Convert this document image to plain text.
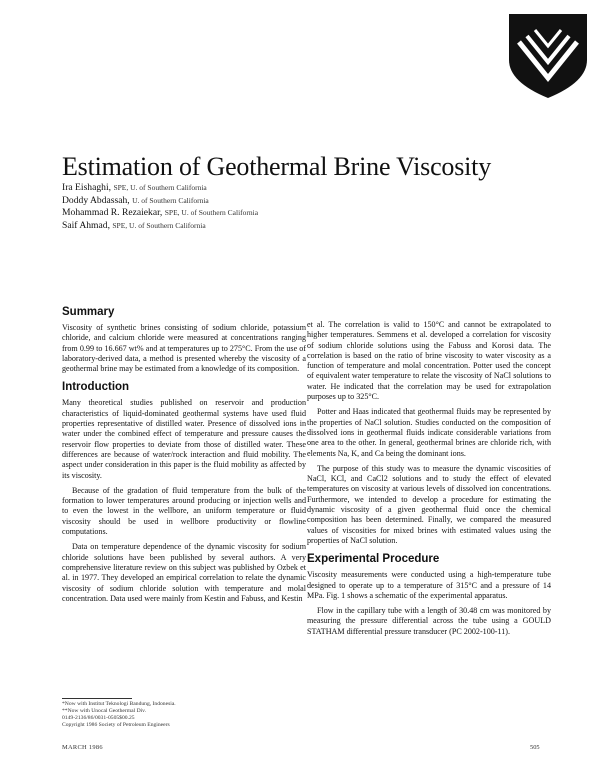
Estimation of Geothermal Brine Viscosity
Ira Eishaghi, SPE, U. of Southern California
Doddy Abdassah, U. of Southern California
Mohammad R. Rezaiekar, SPE, U. of Southern California
Saif Ahmad, SPE, U. of Southern California
Summary

Viscosity of synthetic brines consisting of sodium chloride, potassium chloride, and calcium chloride were measured at concentrations ranging from 0.99 to 16.667 wt% and at temperatures up to 275°C. From the use of laboratory-derived data, a method is presented whereby the viscosity of a geothermal brine may be estimated from a knowledge of its composition.

Introduction

Many theoretical studies published on reservoir and production characteristics of liquid-dominated geothermal systems have used fluid properties representative of distilled water. Presence of dissolved ions in water under the combined effect of temperature and pressure causes the reservoir flow properties to deviate from those of distilled water. These differences are because of water/rock interaction and fluid mobility. The aspect under consideration in this paper is the fluid mobility as affected by its viscosity.

Because of the gradation of fluid temperature from the bulk of the formation to lower temperatures around producing or injection wells and to even the lowest in the wellbore, an uniform temperature or fluid viscosity should be used in wellbore productivity or flowline computations.

Data on temperature dependence of the dynamic viscosity for sodium chloride solutions have been published by several authors. A very comprehensive literature review on this subject was published by Ozbek et al. in 1977. They developed an empirical correlation to relate the dynamic viscosity of sodium chloride solution with temperature and molal concentration. Data used were mainly from Kestin and Fabuss, and Kestin

et al. The correlation is valid to 150°C and cannot be extrapolated to higher temperatures. Semmens et al. developed a correlation for viscosity of sodium chloride solutions using the Fabuss and Korosi data. The correlation is based on the ratio of brine viscosity to water viscosity as a function of temperature and molal concentration. Potter used the concept of equivalent water temperature to relate the viscosity of NaCl solutions to water. He indicated that the correlation may be used for extrapolation purposes up to 325°C.

Potter and Haas indicated that geothermal fluids may be represented by the properties of NaCl solution. Studies conducted on the composition of dissolved ions in geothermal fluids indicate considerable variations from one area to the other. In general, geothermal brines are chloride rich, with elements Na, K, and Ca being the dominant ions.

The purpose of this study was to measure the dynamic viscosities of NaCl, KCl, and CaCl2 solutions and to study the effect of elevated temperatures on viscosity at various levels of dissolved ion concentrations. Furthermore, we intended to develop a procedure for estimating the dynamic viscosity of a given geothermal fluid once the chemical composition has been determined. Finally, we compared the measured values of viscosities for mixed brines with estimated values using the properties of NaCl solution.

Experimental Procedure

Viscosity measurements were conducted using a high-temperature tube designed to operate up to a temperature of 315°C and a pressure of 14 MPa. Fig. 1 shows a schematic of the experimental apparatus.

Flow in the capillary tube with a length of 30.48 cm was monitored by measuring the pressure differential across the tube using a GOULD STATHAM differential pressure transducer (PC 2002-100-11).

*Now with Institut Teknologi Bandung, Indonesia.
**Now with Unocal Geothermal Div.
0149-2136/86/0031-0505$00.25
Copyright 1986 Society of Petroleum Engineers
MARCH 1986	505
